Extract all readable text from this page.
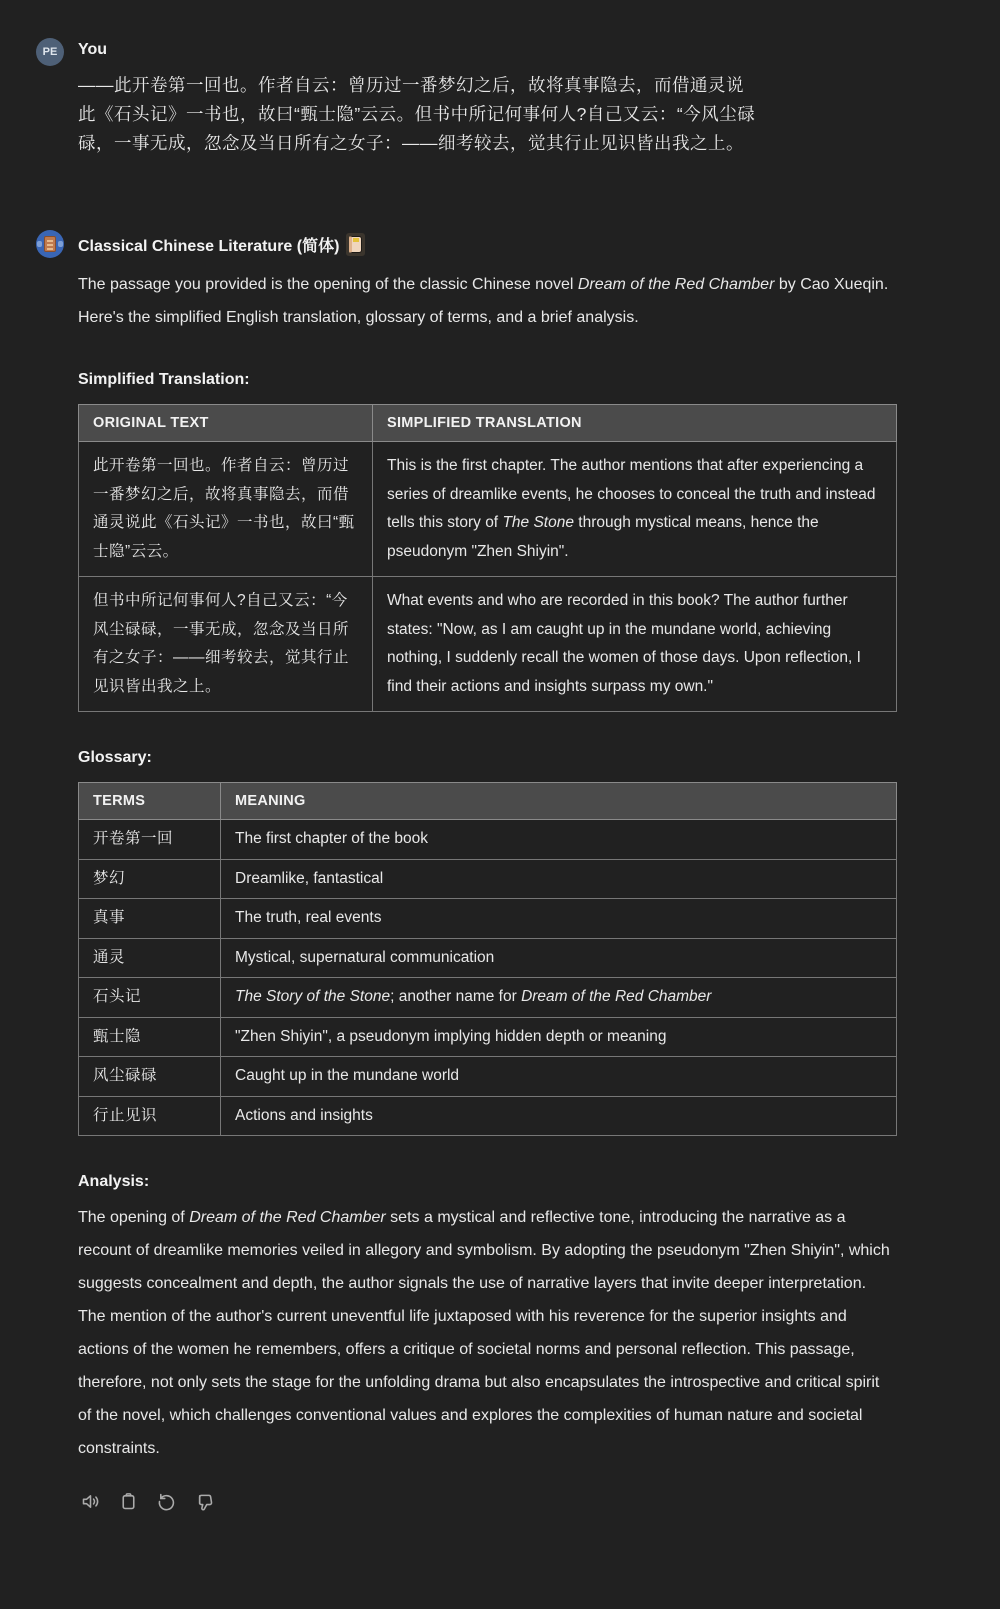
PE You
——此开卷第一回也。作者自云：曾历过一番梦幻之后，故将真事隐去，而借通灵说此《石头记》一书也，故曰“甄士隐”云云。但书中所记何事何人?自己又云：“今风尘碌碌，一事无成，忽念及当日所有之女子：——细考较去，觉其行止见识皆出我之上。
Classical Chinese Literature (简体)

The passage you provided is the opening of the classic Chinese novel Dream of the Red Chamber by Cao Xueqin. Here's the simplified English translation, glossary of terms, and a brief analysis.

Simplified Translation:
ORIGINAL TEXT	SIMPLIFIED TRANSLATION
此开卷第一回也。作者自云：曾历过一番梦幻之后，故将真事隐去，而借通灵说此《石头记》一书也，故曰“甄士隐”云云。	This is the first chapter. The author mentions that after experiencing a series of dreamlike events, he chooses to conceal the truth and instead tells this story of The Stone through mystical means, hence the pseudonym "Zhen Shiyin".
但书中所记何事何人?自己又云：“今风尘碌碌，一事无成，忽念及当日所有之女子：——细考较去，觉其行止见识皆出我之上。	What events and who are recorded in this book? The author further states: "Now, as I am caught up in the mundane world, achieving nothing, I suddenly recall the women of those days. Upon reflection, I find their actions and insights surpass my own."
Glossary:
TERMS	MEANING
开卷第一回	The first chapter of the book
梦幻	Dreamlike, fantastical
真事	The truth, real events
通灵	Mystical, supernatural communication
石头记	The Story of the Stone; another name for Dream of the Red Chamber
甄士隐	"Zhen Shiyin", a pseudonym implying hidden depth or meaning
风尘碌碌	Caught up in the mundane world
行止见识	Actions and insights
Analysis:

The opening of Dream of the Red Chamber sets a mystical and reflective tone, introducing the narrative as a recount of dreamlike memories veiled in allegory and symbolism. By adopting the pseudonym "Zhen Shiyin", which suggests concealment and depth, the author signals the use of narrative layers that invite deeper interpretation. The mention of the author's current uneventful life juxtaposed with his reverence for the superior insights and actions of the women he remembers, offers a critique of societal norms and personal reflection. This passage, therefore, not only sets the stage for the unfolding drama but also encapsulates the introspective and critical spirit of the novel, which challenges conventional values and explores the complexities of human nature and societal constraints.
